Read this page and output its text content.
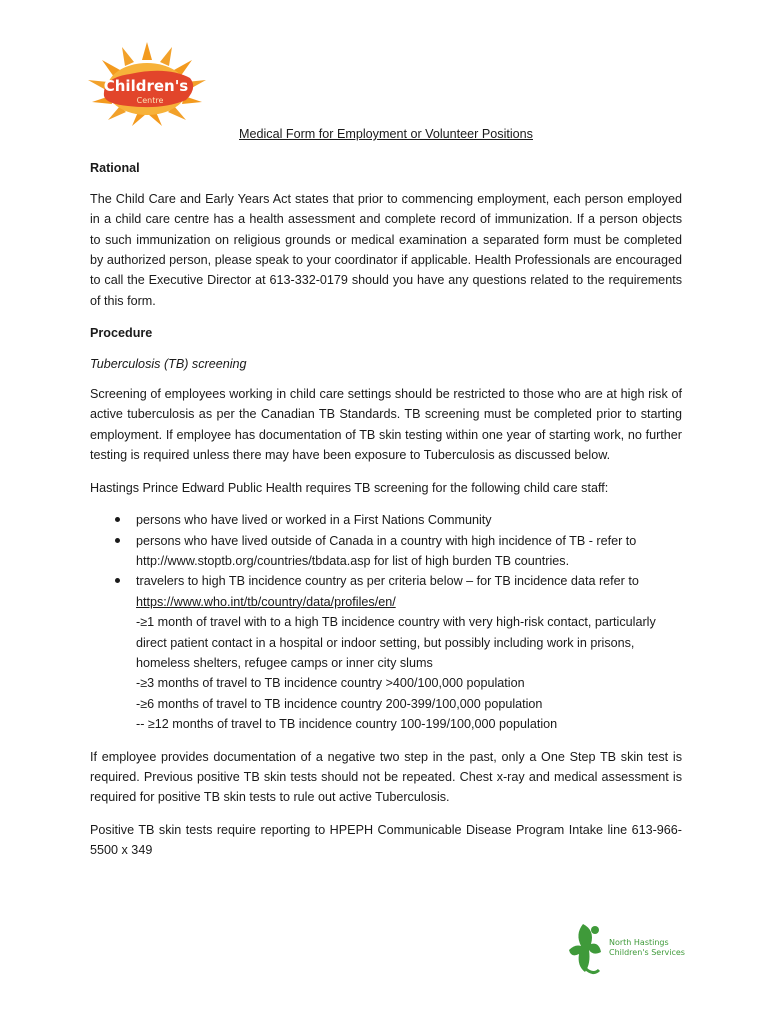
Children's
Centre
Medical Form for Employment or Volunteer Positions
Rational

The Child Care and Early Years Act states that prior to commencing employment, each person employed in a child care centre has a health assessment and complete record of immunization. If a person objects to such immunization on religious grounds or medical examination a separated form must be completed by authorized person, please speak to your coordinator if applicable. Health Professionals are encouraged to call the Executive Director at 613-332-0179 should you have any questions related to the requirements of this form.

Procedure
Tuberculosis (TB) screening

Screening of employees working in child care settings should be restricted to those who are at high risk of active tuberculosis as per the Canadian TB Standards. TB screening must be completed prior to starting employment. If employee has documentation of TB skin testing within one year of starting work, no further testing is required unless there may have been exposure to Tuberculosis as discussed below.

Hastings Prince Edward Public Health requires TB screening for the following child care staff:

persons who have lived or worked in a First Nations Community
persons who have lived outside of Canada in a country with high incidence of TB - refer to http://www.stoptb.org/countries/tbdata.asp for list of high burden TB countries.
travelers to high TB incidence country as per criteria below – for TB incidence data refer to
https://www.who.int/tb/country/data/profiles/en/
-≥1 month of travel with to a high TB incidence country with very high-risk contact, particularly direct patient contact in a hospital or indoor setting, but possibly including work in prisons, homeless shelters, refugee camps or inner city slums
-≥3 months of travel to TB incidence country >400/100,000 population
-≥6 months of travel to TB incidence country 200-399/100,000 population
-- ≥12 months of travel to TB incidence country 100-199/100,000 population

If employee provides documentation of a negative two step in the past, only a One Step TB skin test is required. Previous positive TB skin tests should not be repeated. Chest x-ray and medical assessment is required for positive TB skin tests to rule out active Tuberculosis.

Positive TB skin tests require reporting to HPEPH Communicable Disease Program Intake line 613-966-5500 x 349

North Hastings
Children's Services
